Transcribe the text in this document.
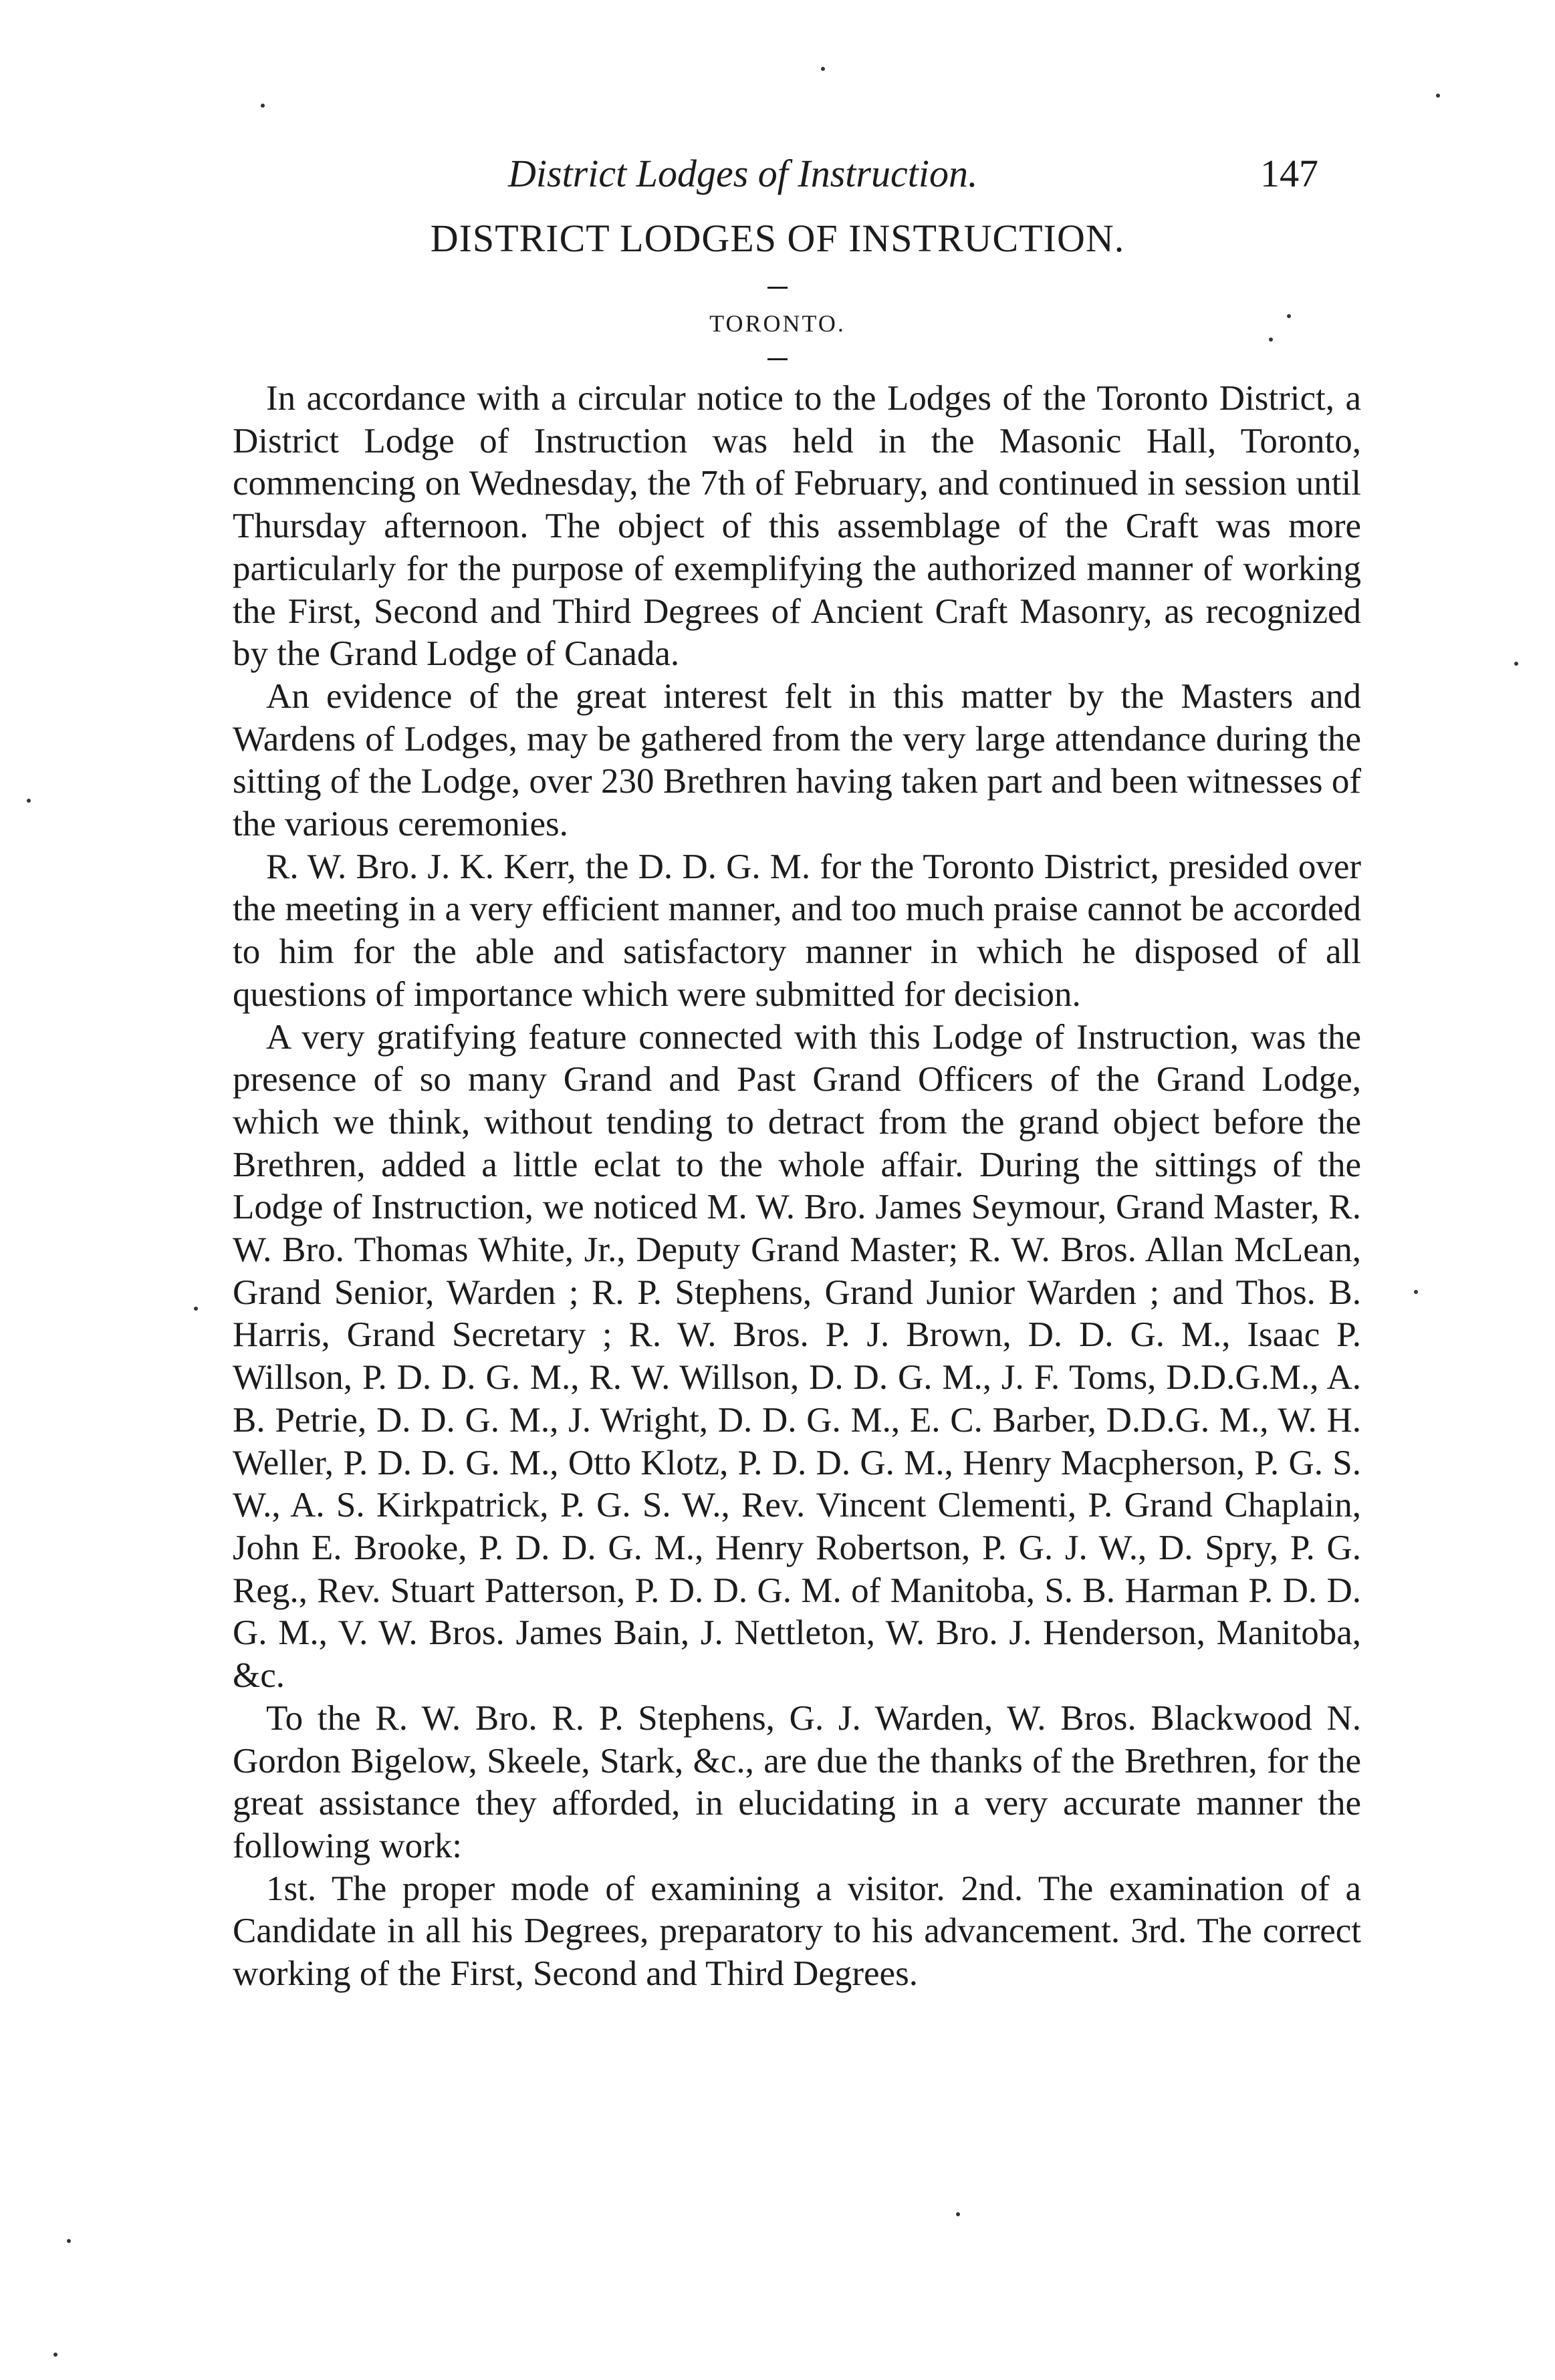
District Lodges of Instruction.	147
DISTRICT LODGES OF INSTRUCTION.
TORONTO.

In accordance with a circular notice to the Lodges of the Toronto District, a District Lodge of Instruction was held in the Masonic Hall, Toronto, commencing on Wednesday, the 7th of February, and continued in session until Thursday afternoon. The object of this assemblage of the Craft was more particularly for the purpose of exemplifying the authorized manner of working the First, Second and Third Degrees of Ancient Craft Masonry, as recognized by the Grand Lodge of Canada.

An evidence of the great interest felt in this matter by the Masters and Wardens of Lodges, may be gathered from the very large attendance during the sitting of the Lodge, over 230 Brethren having taken part and been witnesses of the various ceremonies.

R. W. Bro. J. K. Kerr, the D. D. G. M. for the Toronto District, presided over the meeting in a very efficient manner, and too much praise cannot be accorded to him for the able and satisfactory manner in which he disposed of all questions of importance which were submitted for decision.

A very gratifying feature connected with this Lodge of Instruction, was the presence of so many Grand and Past Grand Officers of the Grand Lodge, which we think, without tending to detract from the grand object before the Brethren, added a little eclat to the whole affair. During the sittings of the Lodge of Instruction, we noticed M. W. Bro. James Seymour, Grand Master, R. W. Bro. Thomas White, Jr., Deputy Grand Master; R. W. Bros. Allan McLean, Grand Senior, Warden ; R. P. Stephens, Grand Junior Warden ; and Thos. B. Harris, Grand Secretary ; R. W. Bros. P. J. Brown, D. D. G. M., Isaac P. Willson, P. D. D. G. M., R. W. Willson, D. D. G. M., J. F. Toms, D.D.G.M., A. B. Petrie, D. D. G. M., J. Wright, D. D. G. M., E. C. Barber, D.D.G. M., W. H. Weller, P. D. D. G. M., Otto Klotz, P. D. D. G. M., Henry Macpherson, P. G. S. W., A. S. Kirkpatrick, P. G. S. W., Rev. Vincent Clementi, P. Grand Chaplain, John E. Brooke, P. D. D. G. M., Henry Robertson, P. G. J. W., D. Spry, P. G. Reg., Rev. Stuart Patterson, P. D. D. G. M. of Manitoba, S. B. Harman P. D. D. G. M., V. W. Bros. James Bain, J. Nettleton, W. Bro. J. Henderson, Manitoba, &c.

To the R. W. Bro. R. P. Stephens, G. J. Warden, W. Bros. Blackwood N. Gordon Bigelow, Skeele, Stark, &c., are due the thanks of the Brethren, for the great assistance they afforded, in elucidating in a very accurate manner the following work:

1st. The proper mode of examining a visitor. 2nd. The examination of a Candidate in all his Degrees, preparatory to his advancement. 3rd. The correct working of the First, Second and Third Degrees.
